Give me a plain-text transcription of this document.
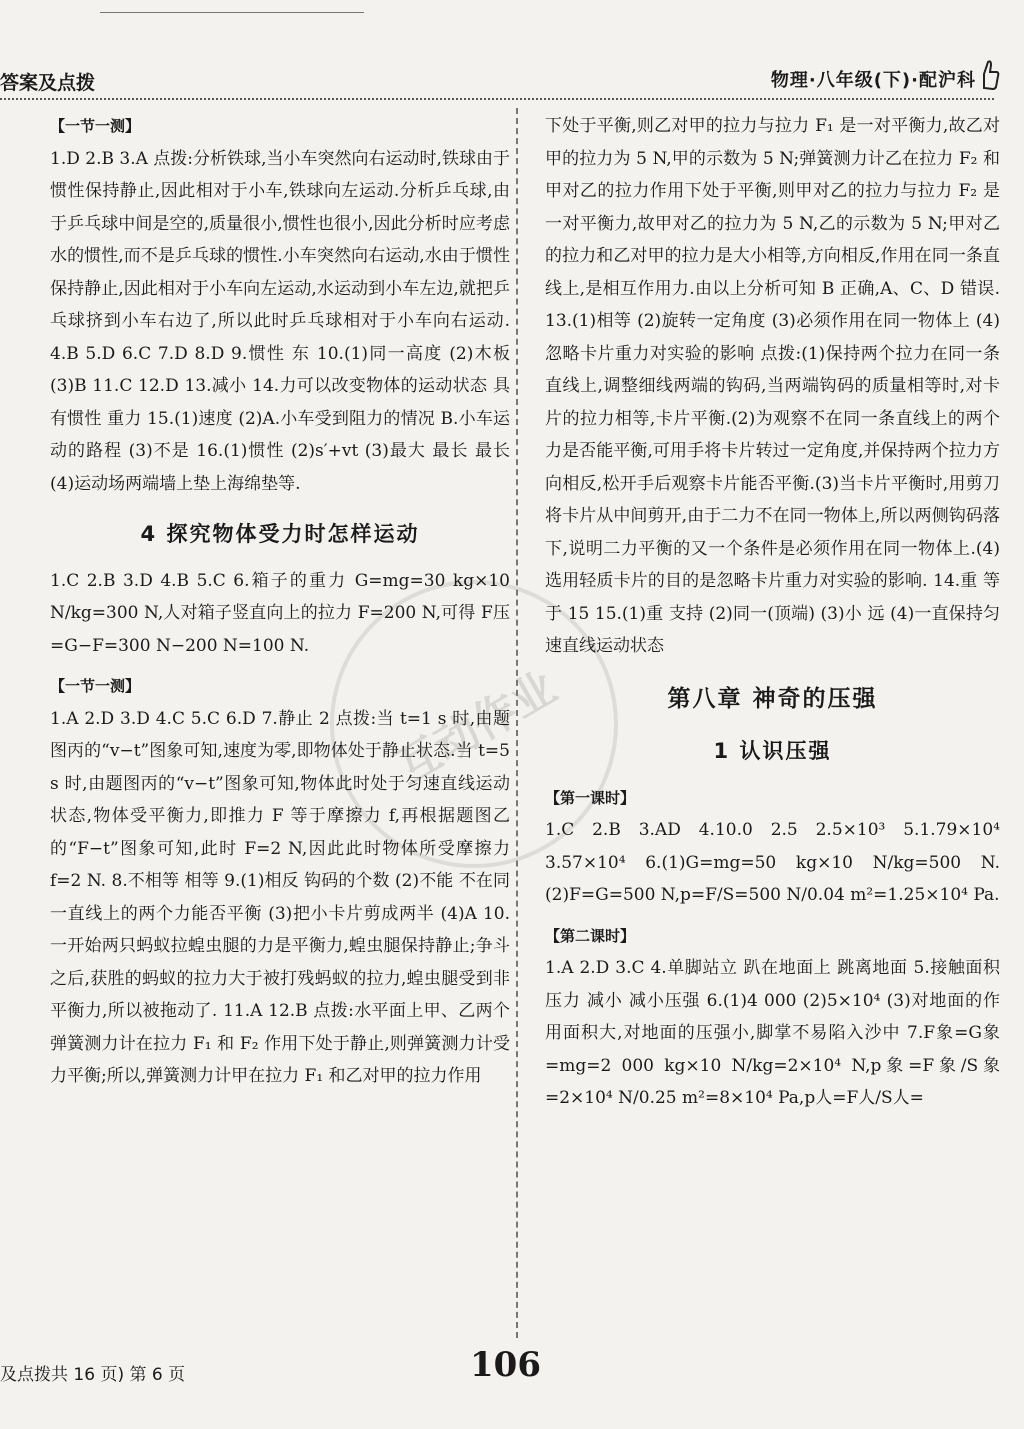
答案及点拨	物理·八年级(下)·配沪科
互动作业
【一节一测】

1.D 2.B 3.A 点拨:分析铁球,当小车突然向右运动时,铁球由于惯性保持静止,因此相对于小车,铁球向左运动.分析乒乓球,由于乒乓球中间是空的,质量很小,惯性也很小,因此分析时应考虑水的惯性,而不是乒乓球的惯性.小车突然向右运动,水由于惯性保持静止,因此相对于小车向左运动,水运动到小车左边,就把乒乓球挤到小车右边了,所以此时乒乓球相对于小车向右运动. 4.B 5.D 6.C 7.D 8.D 9.惯性 东 10.(1)同一高度 (2)木板 (3)B 11.C 12.D 13.减小 14.力可以改变物体的运动状态 具有惯性 重力 15.(1)速度 (2)A.小车受到阻力的情况 B.小车运动的路程 (3)不是 16.(1)惯性 (2)s′+vt (3)最大 最长 最长 (4)运动场两端墙上垫上海绵垫等.

4 探究物体受力时怎样运动

1.C 2.B 3.D 4.B 5.C 6.箱子的重力 G=mg=30 kg×10 N/kg=300 N,人对箱子竖直向上的拉力 F=200 N,可得 F压=G−F=300 N−200 N=100 N.

【一节一测】

1.A 2.D 3.D 4.C 5.C 6.D 7.静止 2 点拨:当 t=1 s 时,由题图丙的“v−t”图象可知,速度为零,即物体处于静止状态.当 t=5 s 时,由题图丙的“v−t”图象可知,物体此时处于匀速直线运动状态,物体受平衡力,即推力 F 等于摩擦力 f,再根据题图乙的“F−t”图象可知,此时 F=2 N,因此此时物体所受摩擦力 f=2 N. 8.不相等 相等 9.(1)相反 钩码的个数 (2)不能 不在同一直线上的两个力能否平衡 (3)把小卡片剪成两半 (4)A 10.一开始两只蚂蚁拉蝗虫腿的力是平衡力,蝗虫腿保持静止;争斗之后,获胜的蚂蚁的拉力大于被打残蚂蚁的拉力,蝗虫腿受到非平衡力,所以被拖动了. 11.A 12.B 点拨:水平面上甲、乙两个弹簧测力计在拉力 F₁ 和 F₂ 作用下处于静止,则弹簧测力计受力平衡;所以,弹簧测力计甲在拉力 F₁ 和乙对甲的拉力作用

下处于平衡,则乙对甲的拉力与拉力 F₁ 是一对平衡力,故乙对甲的拉力为 5 N,甲的示数为 5 N;弹簧测力计乙在拉力 F₂ 和甲对乙的拉力作用下处于平衡,则甲对乙的拉力与拉力 F₂ 是一对平衡力,故甲对乙的拉力为 5 N,乙的示数为 5 N;甲对乙的拉力和乙对甲的拉力是大小相等,方向相反,作用在同一条直线上,是相互作用力.由以上分析可知 B 正确,A、C、D 错误. 13.(1)相等 (2)旋转一定角度 (3)必须作用在同一物体上 (4)忽略卡片重力对实验的影响 点拨:(1)保持两个拉力在同一条直线上,调整细线两端的钩码,当两端钩码的质量相等时,对卡片的拉力相等,卡片平衡.(2)为观察不在同一条直线上的两个力是否能平衡,可用手将卡片转过一定角度,并保持两个拉力方向相反,松开手后观察卡片能否平衡.(3)当卡片平衡时,用剪刀将卡片从中间剪开,由于二力不在同一物体上,所以两侧钩码落下,说明二力平衡的又一个条件是必须作用在同一物体上.(4)选用轻质卡片的目的是忽略卡片重力对实验的影响. 14.重 等于 15 15.(1)重 支持 (2)同一(顶端) (3)小 远 (4)一直保持匀速直线运动状态

第八章 神奇的压强
1 认识压强
【第一课时】

1.C 2.B 3.AD 4.10.0 2.5 2.5×10³ 5.1.79×10⁴ 3.57×10⁴ 6.(1)G=mg=50 kg×10 N/kg=500 N. (2)F=G=500 N,p=F/S=500 N/0.04 m²=1.25×10⁴ Pa.

【第二课时】

1.A 2.D 3.C 4.单脚站立 趴在地面上 跳离地面 5.接触面积 压力 减小 减小压强 6.(1)4 000 (2)5×10⁴ (3)对地面的作用面积大,对地面的压强小,脚掌不易陷入沙中 7.F象=G象=mg=2 000 kg×10 N/kg=2×10⁴ N,p象=F象/S象=2×10⁴ N/0.25 m²=8×10⁴ Pa,p人=F人/S人=

及点拨共 16 页) 第 6 页	106
